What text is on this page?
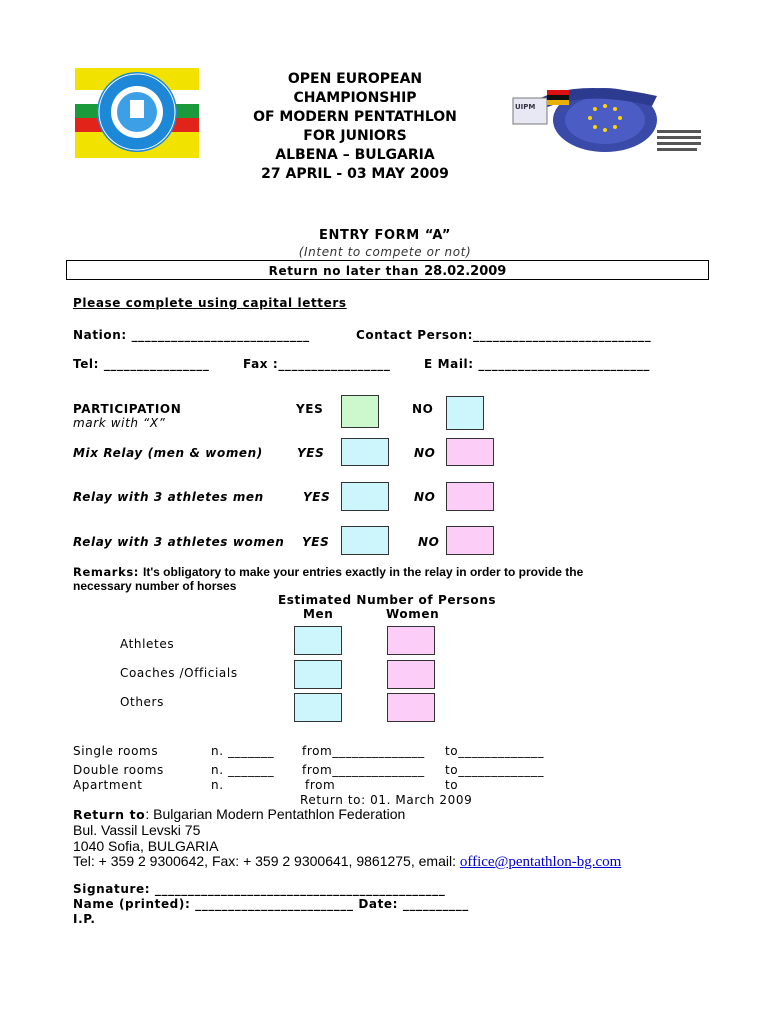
OPEN EUROPEAN
CHAMPIONSHIP
OF MODERN PENTATHLON
FOR JUNIORS
ALBENA – BULGARIA
27 APRIL - 03 MAY 2009
UIPM
ENTRY FORM “A”
(Intent to compete or not)
Return no later than 28.02.2009
Please complete using capital letters
Nation: ___________________________	Contact Person:___________________________
Tel: ________________	Fax :_________________	E Mail: __________________________
PARTICIPATION
mark with “X”
YES	NO
Mix Relay (men & women)	YES	NO
Relay with 3 athletes men	YES	NO
Relay with 3 athletes women YES	NO
Remarks: It's obligatory to make your entries exactly in the relay in order to provide the
necessary number of horses
Estimated Number of Persons
Men	Women
Athletes
Coaches /Officials
Others
Single rooms	n. _______ from______________ to_____________
Double rooms	n. _______ from______________ to_____________
Apartment	n.	from	to
Return to: 01. March 2009
Return to: Bulgarian Modern Pentathlon Federation
Bul. Vassil Levski 75
1040 Sofia, BULGARIA
Tel: + 359 2 9300642, Fax: + 359 2 9300641, 9861275, email: office@pentathlon-bg.com
Signature: ____________________________________________
Name (printed): ________________________ Date: __________
I.P.
